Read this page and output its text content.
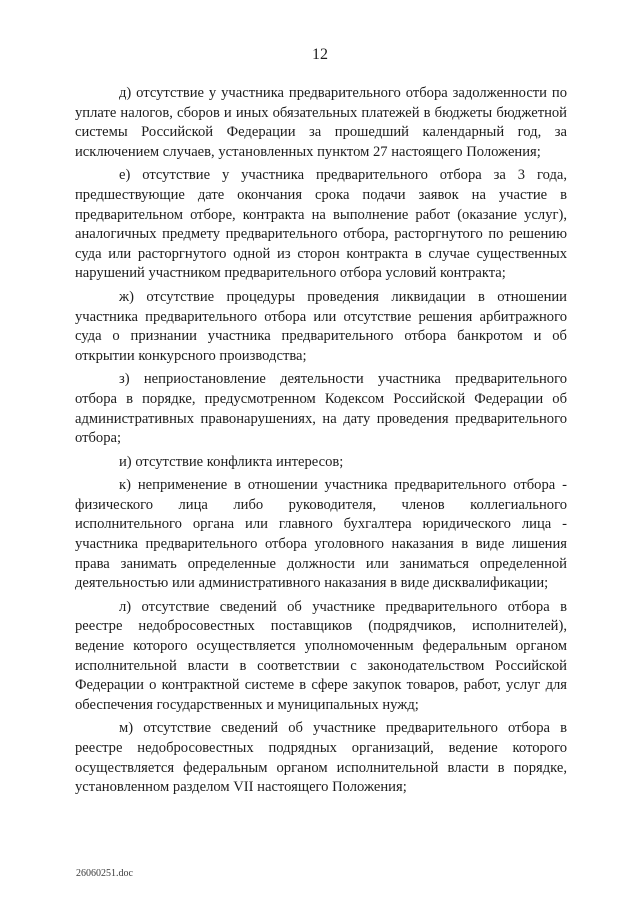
12

д) отсутствие у участника предварительного отбора задолженности по уплате налогов, сборов и иных обязательных платежей в бюджеты бюджетной системы Российской Федерации за прошедший календарный год, за исключением случаев, установленных пунктом 27 настоящего Положения;

е) отсутствие у участника предварительного отбора за 3 года, предшествующие дате окончания срока подачи заявок на участие в предварительном отборе, контракта на выполнение работ (оказание услуг), аналогичных предмету предварительного отбора, расторгнутого по решению суда или расторгнутого одной из сторон контракта в случае существенных нарушений участником предварительного отбора условий контракта;

ж) отсутствие процедуры проведения ликвидации в отношении участника предварительного отбора или отсутствие решения арбитражного суда о признании участника предварительного отбора банкротом и об открытии конкурсного производства;

з) неприостановление деятельности участника предварительного отбора в порядке, предусмотренном Кодексом Российской Федерации об административных правонарушениях, на дату проведения предварительного отбора;

и) отсутствие конфликта интересов;

к) неприменение в отношении участника предварительного отбора - физического лица либо руководителя, членов коллегиального исполнительного органа или главного бухгалтера юридического лица - участника предварительного отбора уголовного наказания в виде лишения права занимать определенные должности или заниматься определенной деятельностью или административного наказания в виде дисквалификации;

л) отсутствие сведений об участнике предварительного отбора в реестре недобросовестных поставщиков (подрядчиков, исполнителей), ведение которого осуществляется уполномоченным федеральным органом исполнительной власти в соответствии с законодательством Российской Федерации о контрактной системе в сфере закупок товаров, работ, услуг для обеспечения государственных и муниципальных нужд;

м) отсутствие сведений об участнике предварительного отбора в реестре недобросовестных подрядных организаций, ведение которого осуществляется федеральным органом исполнительной власти в порядке, установленном разделом VII настоящего Положения;

26060251.doc
